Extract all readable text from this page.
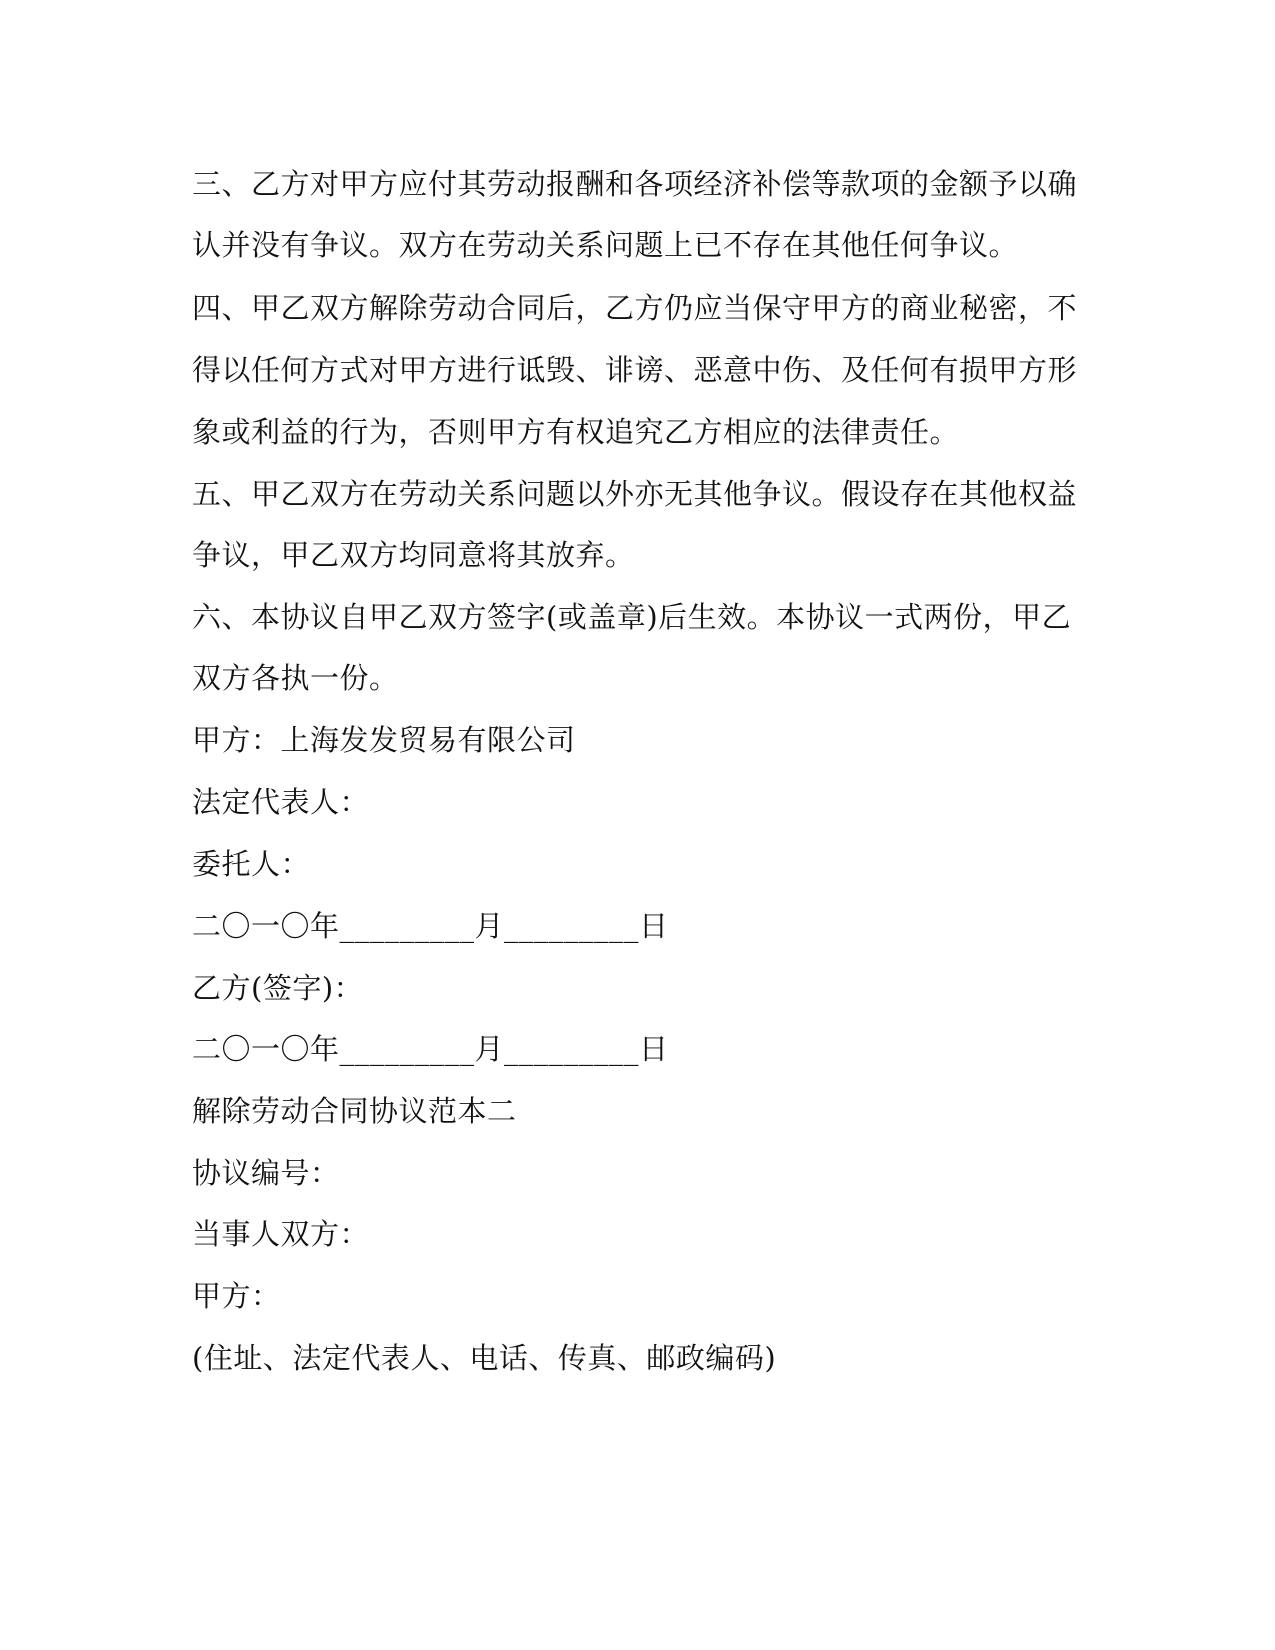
三、乙方对甲方应付其劳动报酬和各项经济补偿等款项的金额予以确
认并没有争议。双方在劳动关系问题上已不存在其他任何争议。
四、甲乙双方解除劳动合同后，乙方仍应当保守甲方的商业秘密，不
得以任何方式对甲方进行诋毁、诽谤、恶意中伤、及任何有损甲方形
象或利益的行为，否则甲方有权追究乙方相应的法律责任。
五、甲乙双方在劳动关系问题以外亦无其他争议。假设存在其他权益
争议，甲乙双方均同意将其放弃。
六、本协议自甲乙双方签字(或盖章)后生效。本协议一式两份，甲乙
双方各执一份。
甲方：上海发发贸易有限公司
法定代表人：
委托人：
二〇一〇年_________月_________日
乙方(签字)：
二〇一〇年_________月_________日
解除劳动合同协议范本二
协议编号：
当事人双方：
甲方：
(住址、法定代表人、电话、传真、邮政编码)
